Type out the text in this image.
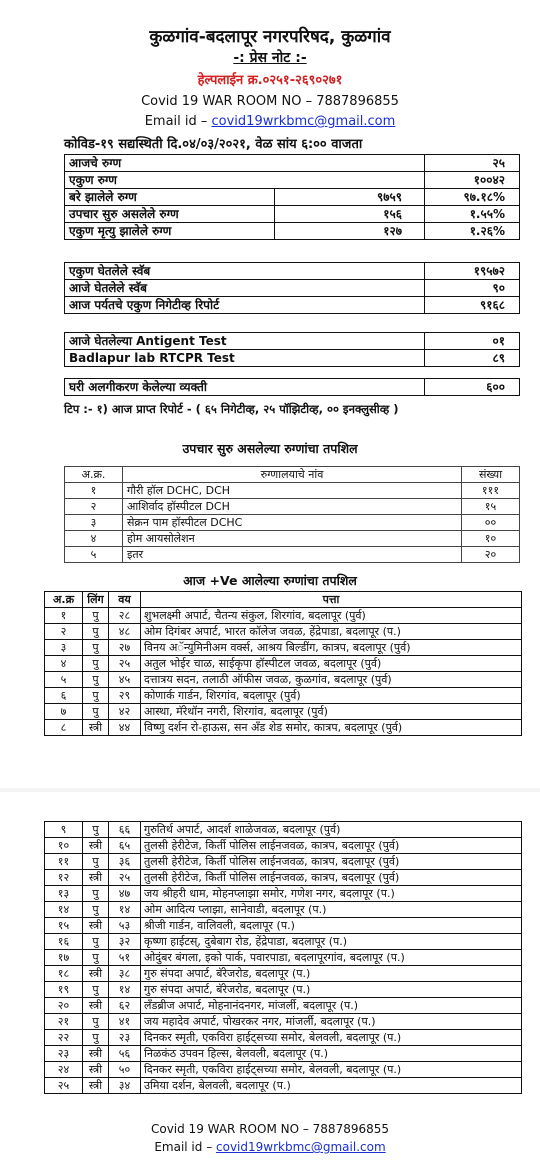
कुळगांव-बदलापूर नगरपरिषद, कुळगांव
-: प्रेस नोट :-
हेल्पलाईन क्र.०२५१-२६९०२७१
Covid 19 WAR ROOM NO – 7887896855
Email id – covid19wrkbmc@gmail.com
कोविड-१९ सद्यस्थिती दि.०४/०३/२०२१, वेळ सांय ६:०० वाजता
आजचे रुग्ण		२५
एकुण रुग्ण		१००४२
बरे झालेले रुग्ण	९७५९	९७.१८%
उपचार सुरु असलेले रुग्ण	१५६	१.५५%
एकुण मृत्यु झालेले रुग्ण	१२७	१.२६%
एकुण घेतलेले स्वॅब	१९५७२
आजे घेतलेले स्वॅब	९०
आज पर्यतचे एकुण निगेटीव्ह रिपोर्ट	९१६८
आजे घेतलेल्या Antigent Test	०१
Badlapur lab RTCPR Test	८९
घरी अलगीकरण केलेल्या व्यक्ती	६००
टिप :- १) आज प्राप्त रिपोर्ट - ( ६५ निगेटीव्ह, २५ पॉझिटीव्ह, ०० इनक्लुसीव्ह )
उपचार सुरु असलेल्या रुग्णांचा तपशिल
अ.क्र.	रुग्णालयाचे नांव	संख्या
१	गौरी हॉल DCHC, DCH	१११
२	आशिर्वाद हॉस्पीटल DCH	१५
३	सेक्रन पाम हॉस्पीटल DCHC	००
४	होम आयसोलेशन	१०
५	इतर	२०
आज +Ve आलेल्या रुग्णांचा तपशिल
अ.क्र	लिंग	वय	पत्ता
१	पु	२८	शुभलक्ष्मी अपार्ट, चैतन्य संकुल, शिरगांव, बदलापूर (पुर्व)
२	पु	४८	ओम दिगंबर अपार्ट, भारत कॉलेज जवळ, हेंद्रेपाडा, बदलापूर (प.)
३	पु	२७	विनय अॅन्युमिनीअम वर्क्स, आश्रय बिल्डींग, कात्रप, बदलापूर (पुर्व)
४	पु	२५	अतुल भोईर चाळ, साईकृपा हॉस्पीटल जवळ, बदलापूर (पुर्व)
५	पु	४५	दत्तात्रय सदन, तलाठी ऑफीस जवळ, कुळगांव, बदलापूर (पुर्व)
६	पु	२९	कोणार्क गार्डन, शिरगांव, बदलापूर (पुर्व)
७	पु	४२	आस्था, मॅरेथॉन नगरी, शिरगांव, बदलापूर (पुर्व)
८	स्त्री	४४	विष्णु दर्शन रो-हाऊस, सन अँड शेड समोर, कात्रप, बदलापूर (पुर्व)
९	पु	६६	गुरुतिर्थ अपार्ट, आदर्श शाळेजवळ, बदलापूर (पुर्व)
१०	स्त्री	६५	तुलसी हेरीटेज, किर्ती पोलिस लाईनजवळ, कात्रप, बदलापूर (पुर्व)
११	पु	३६	तुलसी हेरीटेज, किर्ती पोलिस लाईनजवळ, कात्रप, बदलापूर (पुर्व)
१२	स्त्री	२५	तुलसी हेरीटेज, किर्ती पोलिस लाईनजवळ, कात्रप, बदलापूर (पुर्व)
१३	पु	४७	जय श्रीहरी धाम, मोहनप्लाझा समोर, गणेश नगर, बदलापूर (प.)
१४	पु	१४	ओम आदित्य प्लाझा, सानेवाडी, बदलापूर (प.)
१५	स्त्री	५३	श्रीजी गार्डन, वालिवली, बदलापूर (प.)
१६	पु	३२	कृष्णा हाईटस्, दुबेबाग रोड, हेंद्रेपाडा, बदलापूर (प.)
१७	पु	५१	ओदुंबर बंगला, इको पार्क, पवारपाडा, बदलापूरगांव, बदलापूर (प.)
१८	स्त्री	३८	गुरु संपदा अपार्ट, बॅरेजरोड, बदलापूर (प.)
१९	पु	१४	गुरु संपदा अपार्ट, बॅरेजरोड, बदलापूर (प.)
२०	स्त्री	६२	लॅंडब्रीज अपार्ट, मोहनानंदनगर, मांजर्ली, बदलापूर (प.)
२१	पु	४१	जय महादेव अपार्ट, पोखरकर नगर, मांजर्ली, बदलापूर (प.)
२२	पु	२३	दिनकर स्मृती, एकविरा हाईट्सच्या समोर, बेलवली, बदलापूर (प.)
२३	स्त्री	५६	निळकंठ उपवन हिल्स, बेलवली, बदलापूर (प.)
२४	स्त्री	५०	दिनकर स्मृती, एकविरा हाईट्सच्या समोर, बेलवली, बदलापूर (प.)
२५	स्त्री	३४	उमिया दर्शन, बेलवली, बदलापूर (प.)
Covid 19 WAR ROOM NO – 7887896855
Email id – covid19wrkbmc@gmail.com
